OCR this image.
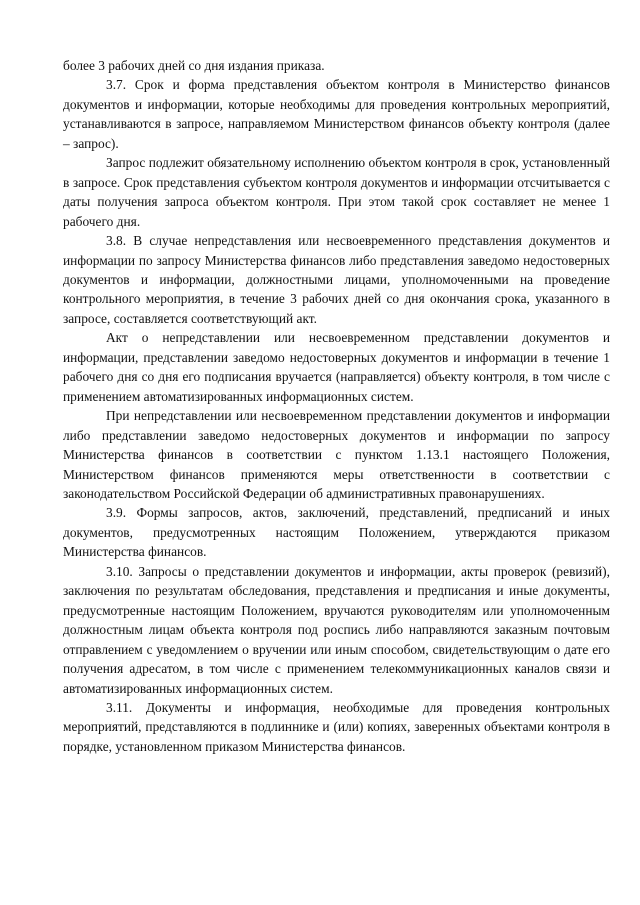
более 3 рабочих дней со дня издания приказа.

3.7. Срок и форма представления объектом контроля в Министерство финансов документов и информации, которые необходимы для проведения контрольных мероприятий, устанавливаются в запросе, направляемом Министерством финансов объекту контроля (далее – запрос).

Запрос подлежит обязательному исполнению объектом контроля в срок, установленный в запросе. Срок представления субъектом контроля документов и информации отсчитывается с даты получения запроса объектом контроля. При этом такой срок составляет не менее 1 рабочего дня.

3.8. В случае непредставления или несвоевременного представления документов и информации по запросу Министерства финансов либо представления заведомо недостоверных документов и информации, должностными лицами, уполномоченными на проведение контрольного мероприятия, в течение 3 рабочих дней со дня окончания срока, указанного в запросе, составляется соответствующий акт.

Акт о непредставлении или несвоевременном представлении документов и информации, представлении заведомо недостоверных документов и информации в течение 1 рабочего дня со дня его подписания вручается (направляется) объекту контроля, в том числе с применением автоматизированных информационных систем.

При непредставлении или несвоевременном представлении документов и информации либо представлении заведомо недостоверных документов и информации по запросу Министерства финансов в соответствии с пунктом 1.13.1 настоящего Положения, Министерством финансов применяются меры ответственности в соответствии с законодательством Российской Федерации об административных правонарушениях.

3.9. Формы запросов, актов, заключений, представлений, предписаний и иных документов, предусмотренных настоящим Положением, утверждаются приказом Министерства финансов.

3.10. Запросы о представлении документов и информации, акты проверок (ревизий), заключения по результатам обследования, представления и предписания и иные документы, предусмотренные настоящим Положением, вручаются руководителям или уполномоченным должностным лицам объекта контроля под роспись либо направляются заказным почтовым отправлением с уведомлением о вручении или иным способом, свидетельствующим о дате его получения адресатом, в том числе с применением телекоммуникационных каналов связи и автоматизированных информационных систем.

3.11. Документы и информация, необходимые для проведения контрольных мероприятий, представляются в подлиннике и (или) копиях, заверенных объектами контроля в порядке, установленном приказом Министерства финансов.
